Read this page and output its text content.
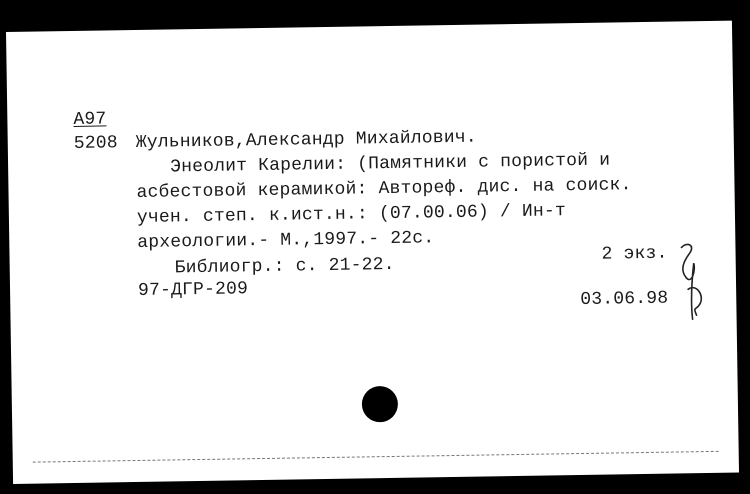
А97
5208 Жульников,Александр Михайлович.
Энеолит Карелии: (Памятники с пористой и
асбестовой керамикой: Автореф. дис. на соиск.
учен. степ. к.ист.н.: (07.00.06) / Ин-т
археологии.- М.,1997.- 22с.
Библиогр.: с. 21-22.
2 экз.
97-ДГР-209	03.06.98
